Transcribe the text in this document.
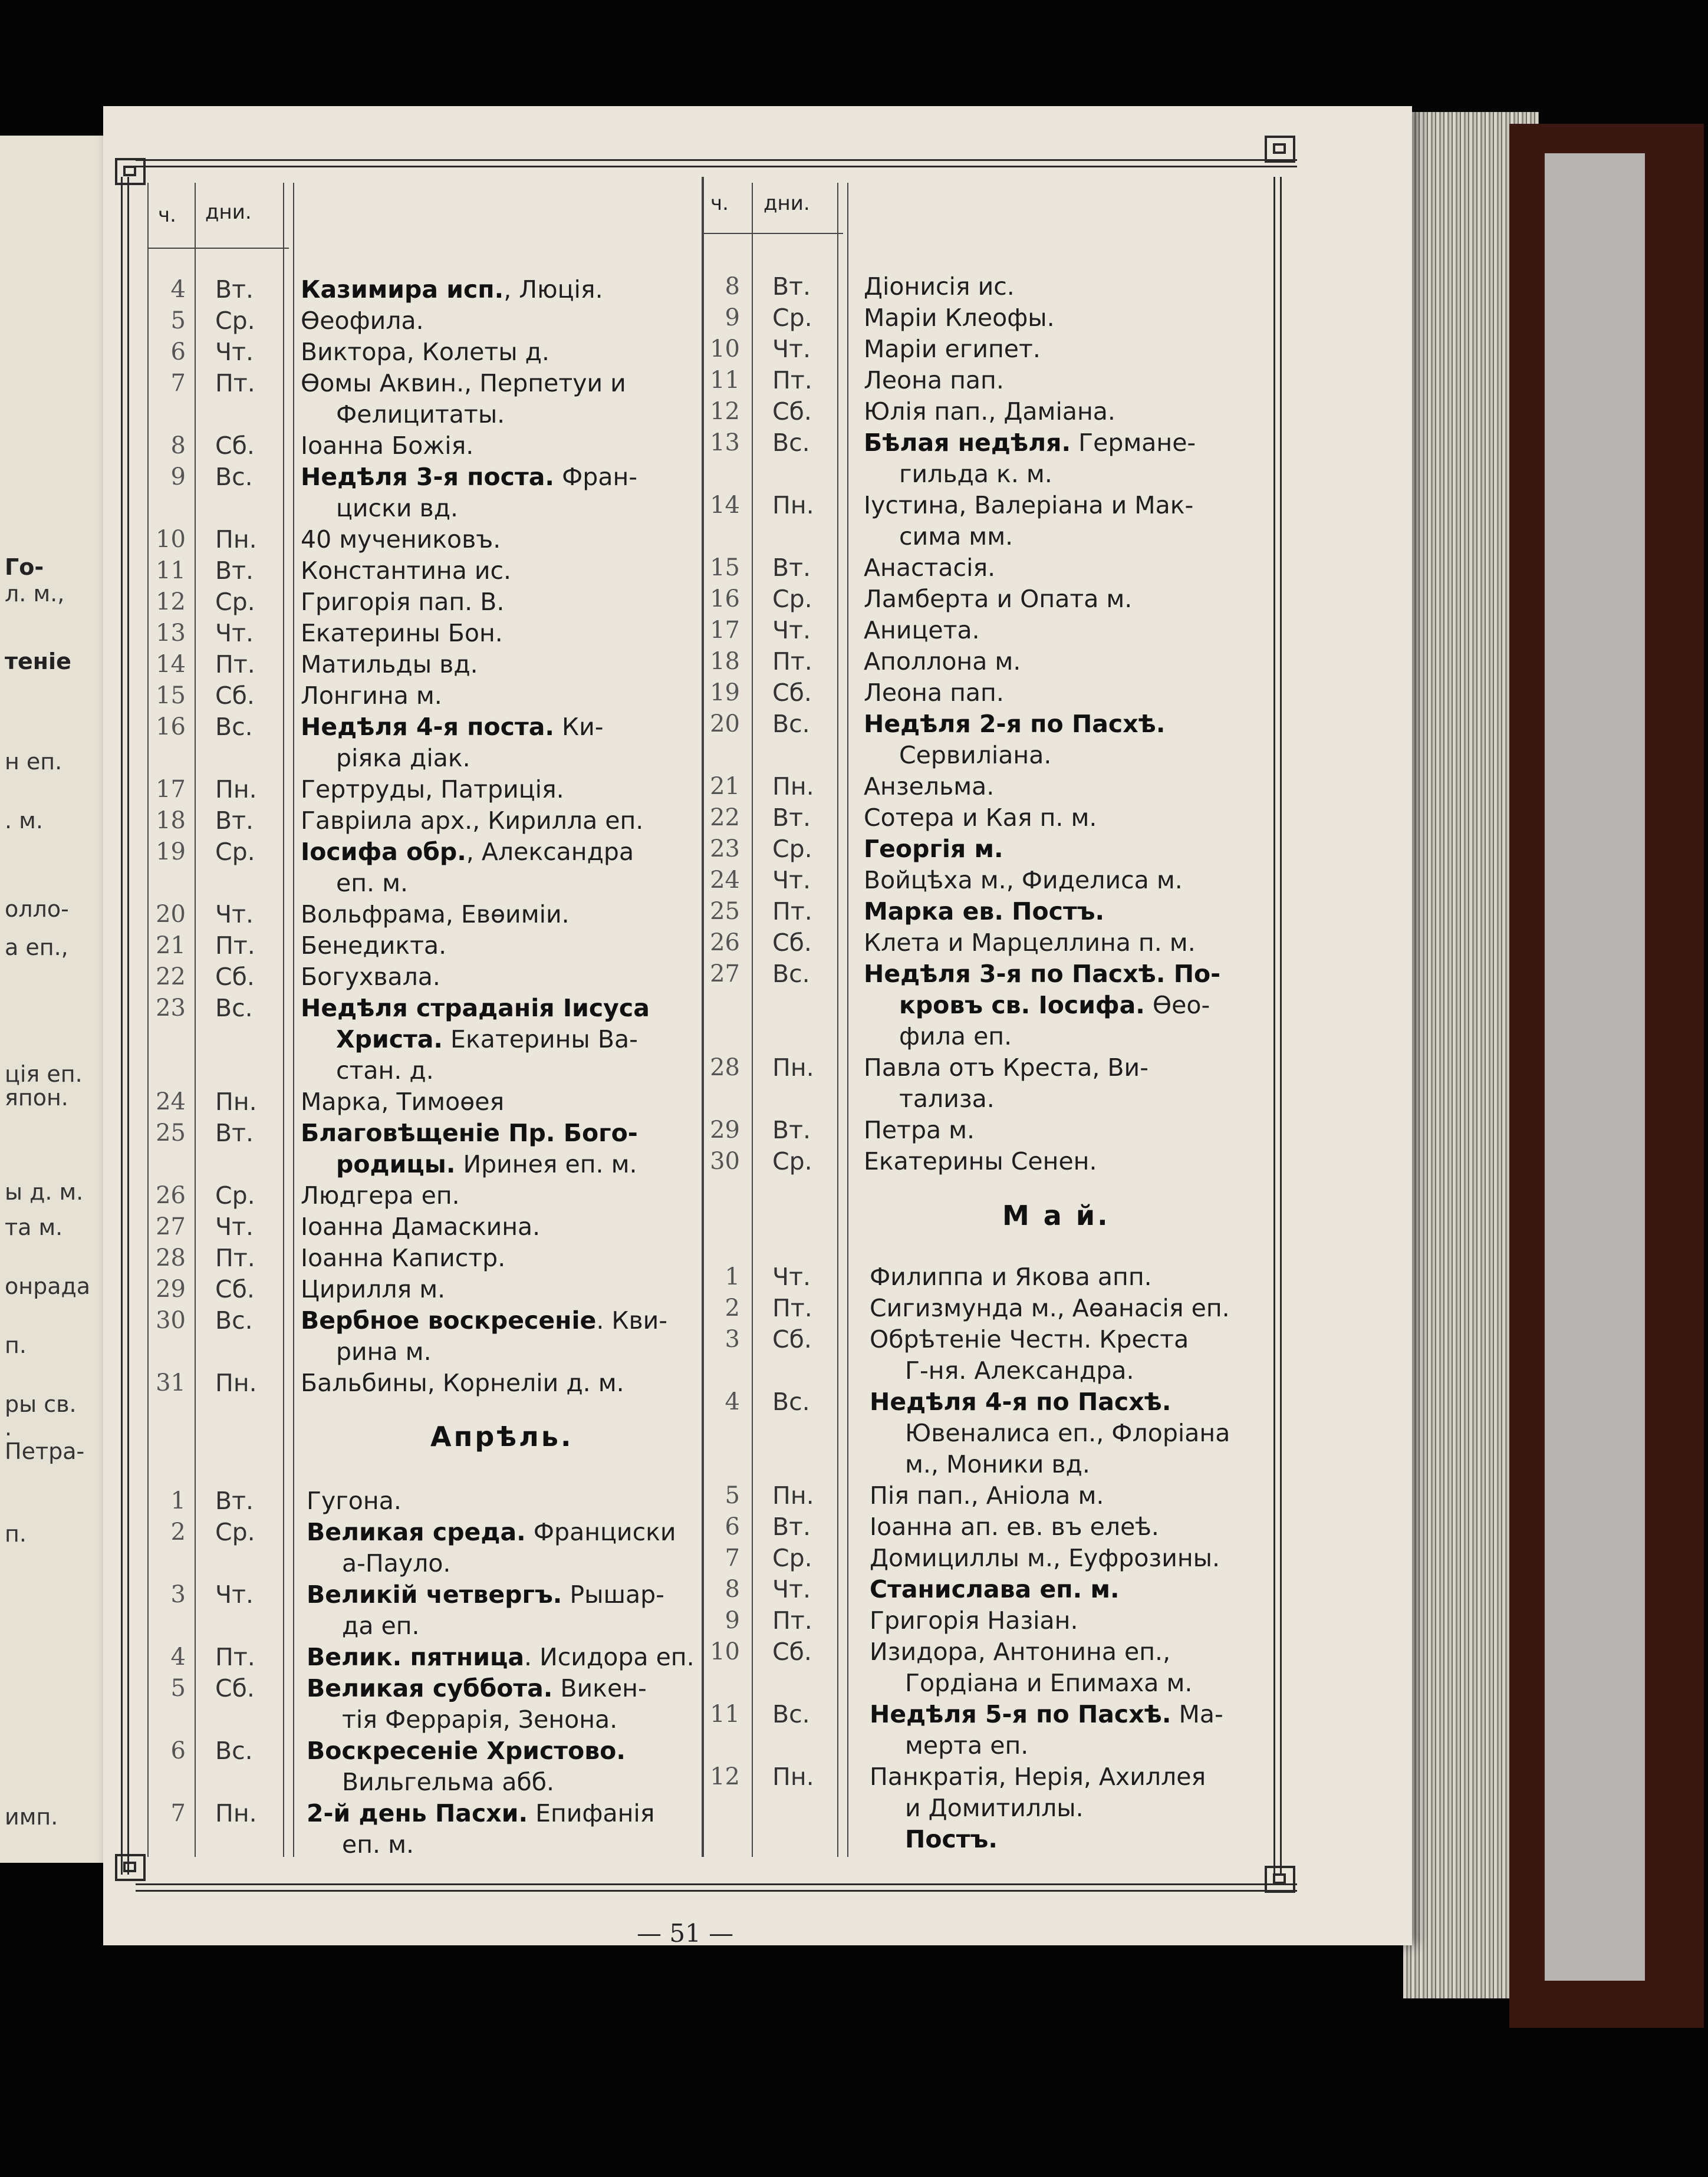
Го-
л. м.,
теніе
н еп.
. м.
олло-
а еп.,
ція еп.
япон.
ы д. м.
та м.
онрада
п.
ры св.
.
Петра-
п.
имп.
ч. дни.	ч. дни.
4 Вт.	Казимира исп., Люція.
5 Ср.	Ѳеофила.
6 Чт.	Виктора, Колеты д.
7 Пт.	Ѳомы Аквин., Перпетуи и
Фелицитаты.
8 Сб.	Іоанна Божія.
9 Вс.	Недѣля 3-я поста. Фран-
циски вд.
10 Пн.	40 мучениковъ.
11 Вт.	Константина ис.
12 Ср.	Григорія пап. В.
13 Чт.	Екатерины Бон.
14 Пт.	Матильды вд.
15 Сб.	Лонгина м.
16 Вс.	Недѣля 4-я поста. Ки-
ріяка діак.
17 Пн.	Гертруды, Патриція.
18 Вт.	Гавріила арх., Кирилла еп.
19 Ср.	Іосифа обр., Александра
еп. м.
20 Чт.	Вольфрама, Евѳиміи.
21 Пт.	Бенедикта.
22 Сб.	Богухвала.
23 Вс.	Недѣля страданія Іисуса
Христа. Екатерины Ва-
стан. д.
24 Пн.	Марка, Тимоѳея
25 Вт.	Благовѣщеніе Пр. Бого-
родицы. Иринея еп. м.
26 Ср.	Людгера еп.
27 Чт.	Іоанна Дамаскина.
28 Пт.	Іоанна Капистр.
29 Сб.	Цирилля м.
30 Вс.	Вербное воскресеніе. Кви-
рина м.
31 Пн.	Бальбины, Корнеліи д. м.
1 Вт.	Гугона.
2 Ср.	Великая среда. Франциски
а-Пауло.
3 Чт.	Великій четвергъ. Рышар-
да еп.
4 Пт.	Велик. пятница. Исидора еп.
5 Сб.	Великая суббота. Викен-
тія Феррарія, Зенона.
6 Вс.	Воскресеніе Христово.
Вильгельма абб.
7 Пн.	2-й день Пасхи. Епифанія
еп. м.
8 Вт.	Діонисія ис.
9 Ср.	Маріи Клеофы.
10 Чт.	Маріи египет.
11 Пт.	Леона пап.
12 Сб.	Юлія пап., Даміана.
13 Вс.	Бѣлая недѣля. Германе-
гильда к. м.
14 Пн.	Іустина, Валеріана и Мак-
сима мм.
15 Вт.	Анастасія.
16 Ср.	Ламберта и Опата м.
17 Чт.	Аницета.
18 Пт.	Аполлона м.
19 Сб.	Леона пап.
20 Вс.	Недѣля 2-я по Пасхѣ.
Сервиліана.
21 Пн.	Анзельма.
22 Вт.	Сотера и Кая п. м.
23 Ср.	Георгія м.
24 Чт.	Войцѣха м., Фиделиса м.
25 Пт.	Марка ев. Постъ.
26 Сб.	Клета и Марцеллина п. м.
27 Вс.	Недѣля 3-я по Пасхѣ. По-
кровъ св. Іосифа. Ѳео-
фила еп.
28 Пн.	Павла отъ Креста, Ви-
тализа.
29 Вт.	Петра м.
30 Ср.	Екатерины Сенен.
1 Чт.	Филиппа и Якова апп.
2 Пт.	Сигизмунда м., Аѳанасія еп.
3 Сб.	Обрѣтеніе Честн. Креста
Г-ня. Александра.
4 Вс.	Недѣля 4-я по Пасхѣ.
Ювеналиса еп., Флоріана
м., Моники вд.
5 Пн.	Пія пап., Аніола м.
6 Вт.	Іоанна ап. ев. въ елеѣ.
7 Ср.	Домициллы м., Еуфрозины.
8 Чт.	Станислава еп. м.
9 Пт.	Григорія Назіан.
10 Сб.	Изидора, Антонина еп.,
Гордіана и Епимаха м.
11 Вс.	Недѣля 5-я по Пасхѣ. Ма-
мерта еп.
12 Пн.	Панкратія, Нерія, Ахиллея
и Домитиллы.
Постъ.
Апрѣль.
М а й.
— 51 —
